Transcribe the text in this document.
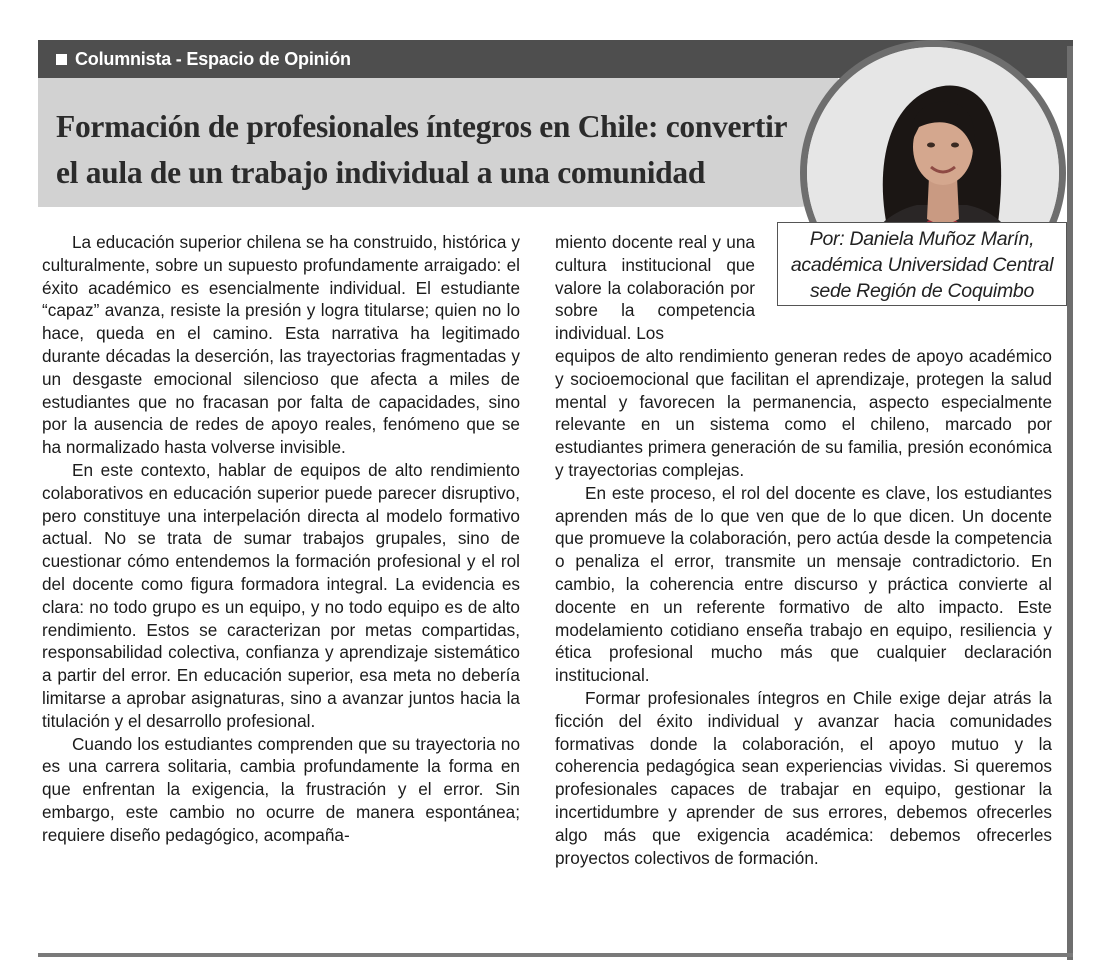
Columnista - Espacio de Opinión
Formación de profesionales íntegros en Chile: convertir
el aula de un trabajo individual a una comunidad
Por: Daniela Muñoz Marín,
académica Universidad Central
sede Región de Coquimbo

La educación superior chilena se ha construido, histórica y culturalmente, sobre un supuesto profundamente arraigado: el éxito académico es esencialmente individual. El estudiante “capaz” avanza, resiste la presión y logra titularse; quien no lo hace, queda en el camino. Esta narrativa ha legitimado durante décadas la deserción, las trayectorias fragmentadas y un desgaste emocional silencioso que afecta a miles de estudiantes que no fracasan por falta de capacidades, sino por la ausencia de redes de apoyo reales, fenómeno que se ha normalizado hasta volverse invisible.

En este contexto, hablar de equipos de alto rendimiento colaborativos en educación superior puede parecer disruptivo, pero constituye una interpelación directa al modelo formativo actual. No se trata de sumar trabajos grupales, sino de cuestionar cómo entendemos la formación profesional y el rol del docente como figura formadora integral. La evidencia es clara: no todo grupo es un equipo, y no todo equipo es de alto rendimiento. Estos se caracterizan por metas compartidas, responsabilidad colectiva, confianza y aprendizaje sistemático a partir del error. En educación superior, esa meta no debería limitarse a aprobar asignaturas, sino a avanzar juntos hacia la titulación y el desarrollo profesional.

Cuando los estudiantes comprenden que su trayectoria no es una carrera solitaria, cambia profundamente la forma en que enfrentan la exigencia, la frustración y el error. Sin embargo, este cambio no ocurre de manera espontánea; requiere diseño pedagógico, acompaña-

miento docente real y una cultura institucional que valore la colaboración por sobre la competencia individual. Los

equipos de alto rendimiento generan redes de apoyo académico y socioemocional que facilitan el aprendizaje, protegen la salud mental y favorecen la permanencia, aspecto especialmente relevante en un sistema como el chileno, marcado por estudiantes primera generación de su familia, presión económica y trayectorias complejas.

En este proceso, el rol del docente es clave, los estudiantes aprenden más de lo que ven que de lo que dicen. Un docente que promueve la colaboración, pero actúa desde la competencia o penaliza el error, transmite un mensaje contradictorio. En cambio, la coherencia entre discurso y práctica convierte al docente en un referente formativo de alto impacto. Este modelamiento cotidiano enseña trabajo en equipo, resiliencia y ética profesional mucho más que cualquier declaración institucional.

Formar profesionales íntegros en Chile exige dejar atrás la ficción del éxito individual y avanzar hacia comunidades formativas donde la colaboración, el apoyo mutuo y la coherencia pedagógica sean experiencias vividas. Si queremos profesionales capaces de trabajar en equipo, gestionar la incertidumbre y aprender de sus errores, debemos ofrecerles algo más que exigencia académica: debemos ofrecerles proyectos colectivos de formación.
